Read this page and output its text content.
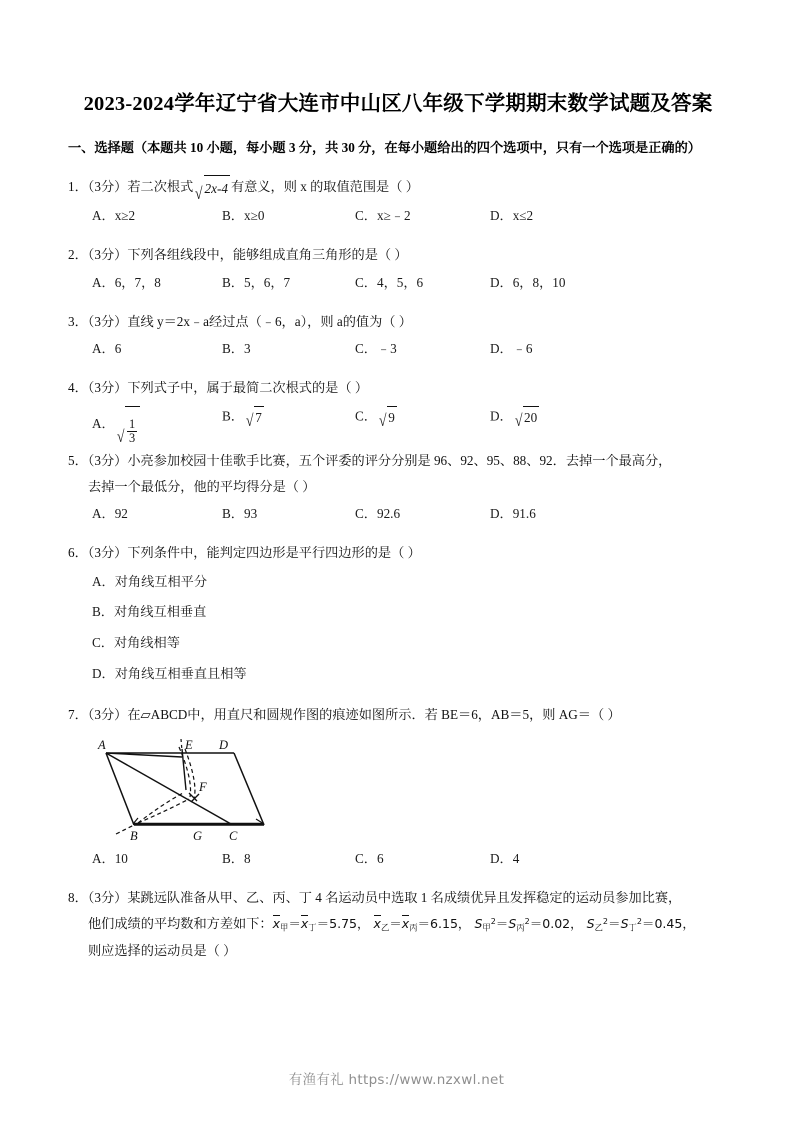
2023-2024学年辽宁省大连市中山区八年级下学期期末数学试题及答案
一、选择题（本题共 10 小题，每小题 3 分，共 30 分，在每小题给出的四个选项中，只有一个选项是正确的）
1．（3分）若二次根式 √ 2x-4 有意义，则 x 的取值范围是（ ）
A．x≥2	B．x≥0	C．x≥﹣2	D．x≤2
2．（3分）下列各组线段中，能够组成直角三角形的是（ ）
A．6，7，8	B．5，6，7	C．4，5，6	D．6，8，10
3．（3分）直线 y＝2x﹣a经过点（﹣6，a），则 a的值为（ ）
A．6	B．3	C．﹣3	D．﹣6
4．（3分）下列式子中，属于最简二次根式的是（ ）
A．
√ $\frac{1}{3}$
B． √ 7	C． √ 9	D． √ 20
5．（3分）小亮参加校园十佳歌手比赛，五个评委的评分分别是 96、92、95、88、92．去掉一个最高分，
去掉一个最低分，他的平均得分是（ ）
A．92	B．93	C．92.6	D．91.6
6．（3分）下列条件中，能判定四边形是平行四边形的是（ ）
A．对角线互相平分
B．对角线互相垂直
C．对角线相等
D．对角线互相垂直且相等
7．（3分）在▱ABCD中，用直尺和圆规作图的痕迹如图所示．若 BE＝6，AB＝5，则 AG＝（ ）
A	E D
F
B	G C
A．10	B．8	C．6	D．4
8．（3分）某跳远队准备从甲、乙、丙、丁 4 名运动员中选取 1 名成绩优异且发挥稳定的运动员参加比赛，
他们成绩的平均数和方差如下：$x_甲=x_丁=5.75$， $x_乙=x_丙=6.15$， $S_甲^2=S_丙^2=0.02$， $S_乙^2=S_丁^2=0.45$，
则应选择的运动员是（ ）
有渔有礼 https://www.nzxwl.net
